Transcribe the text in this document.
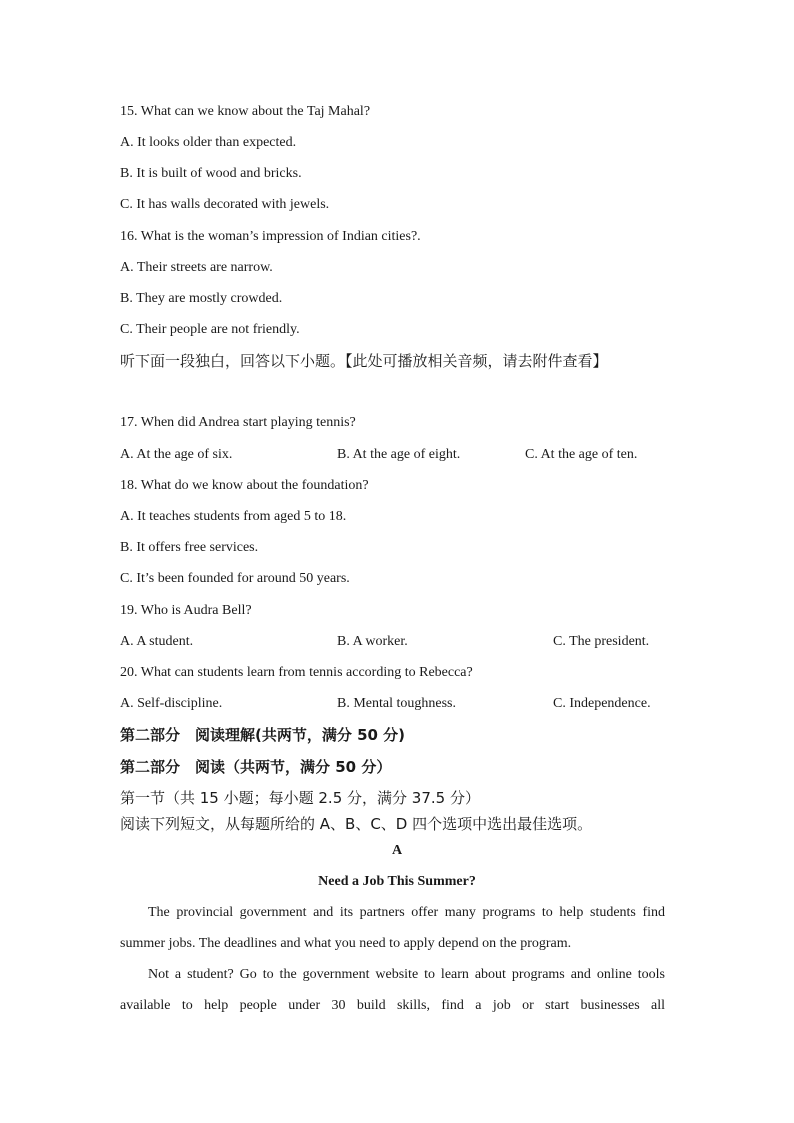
15. What can we know about the Taj Mahal?
A. It looks older than expected.
B. It is built of wood and bricks.
C. It has walls decorated with jewels.
16. What is the woman’s impression of Indian cities?.
A. Their streets are narrow.
B. They are mostly crowded.
C. Their people are not friendly.
听下面一段独白，回答以下小题。【此处可播放相关音频，请去附件查看】
17. When did Andrea start playing tennis?
A. At the age of six.	B. At the age of eight.	C. At the age of ten.
18. What do we know about the foundation?
A. It teaches students from aged 5 to 18.
B. It offers free services.
C. It’s been founded for around 50 years.
19. Who is Audra Bell?
A. A student.	B. A worker.	C. The president.
20. What can students learn from tennis according to Rebecca?
A. Self-discipline.	B. Mental toughness.	C. Independence.
第二部分　阅读理解(共两节，满分 50 分)
第二部分　阅读（共两节，满分 50 分）
第一节（共 15 小题；每小题 2.5 分，满分 37.5 分）
阅读下列短文，从每题所给的 A、B、C、D 四个选项中选出最佳选项。
A
Need a Job This Summer?

The provincial government and its partners offer many programs to help students find summer jobs. The deadlines and what you need to apply depend on the program.

Not a student? Go to the government website to learn about programs and online tools available to help people under 30 build skills, find a job or start businesses all
